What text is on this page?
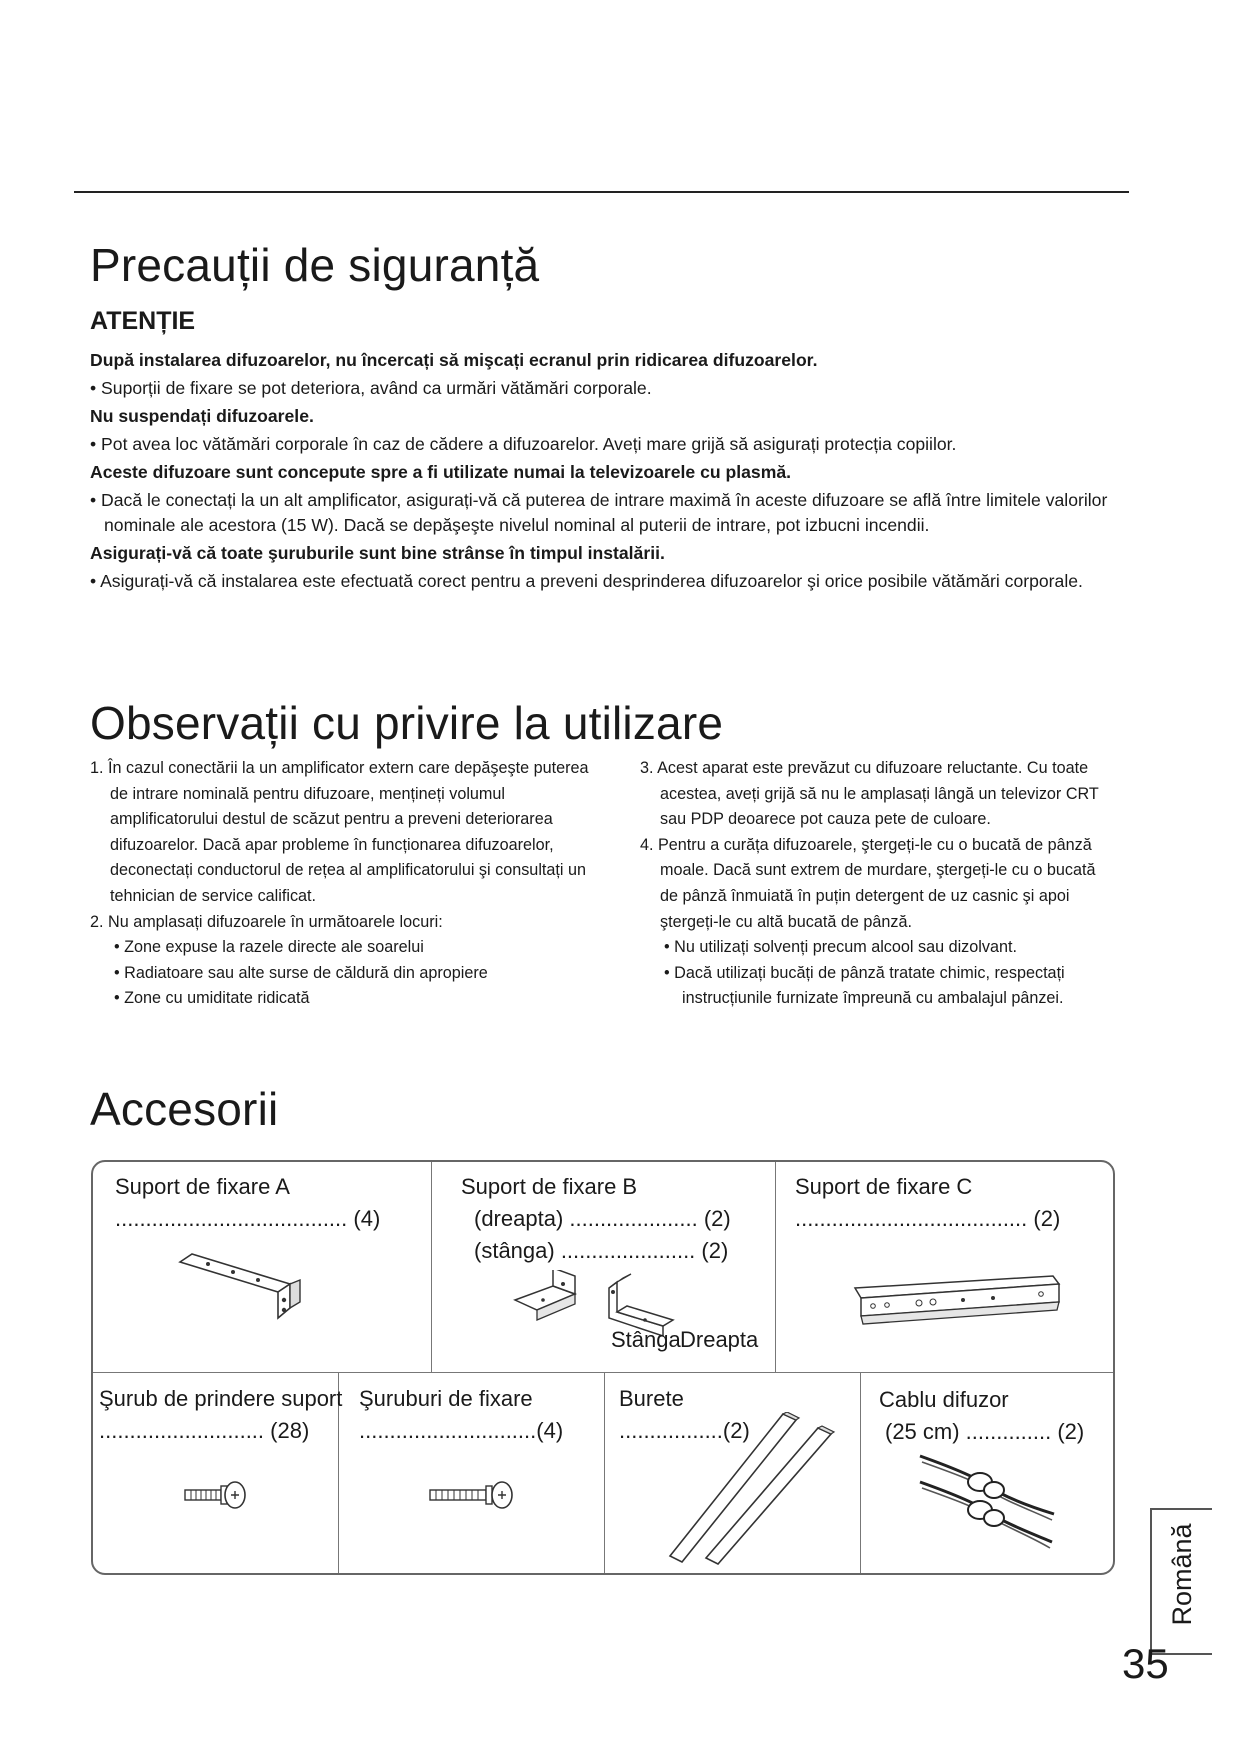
Precauții de siguranță
ATENȚIE

După instalarea difuzoarelor, nu încercați să mişcați ecranul prin ridicarea difuzoarelor.

• Suporții de fixare se pot deteriora, având ca urmări vătămări corporale.

Nu suspendați difuzoarele.

• Pot avea loc vătămări corporale în caz de cădere a difuzoarelor. Aveți mare grijă să asigurați protecția copiilor.

Aceste difuzoare sunt concepute spre a fi utilizate numai la televizoarele cu plasmă.

• Dacă le conectați la un alt amplificator, asigurați-vă că puterea de intrare maximă în aceste difuzoare se află între limitele valorilor nominale ale acestora (15 W). Dacă se depăşeşte nivelul nominal al puterii de intrare, pot izbucni incendii.

Asigurați-vă că toate şuruburile sunt bine strânse în timpul instalării.

• Asigurați-vă că instalarea este efectuată corect pentru a preveni desprinderea difuzoarelor şi orice posibile vătămări corporale.

Observații cu privire la utilizare

1. În cazul conectării la un amplificator extern care depăşeşte puterea de intrare nominală pentru difuzoare, mențineți volumul amplificatorului destul de scăzut pentru a preveni deteriorarea difuzoarelor. Dacă apar probleme în funcționarea difuzoarelor, deconectați conductorul de rețea al amplificatorului şi consultați un tehnician de service calificat.

2. Nu amplasați difuzoarele în următoarele locuri:

• Zone expuse la razele directe ale soarelui

• Radiatoare sau alte surse de căldură din apropiere

• Zone cu umiditate ridicată

3. Acest aparat este prevăzut cu difuzoare reluctante. Cu toate acestea, aveți grijă să nu le amplasați lângă un televizor CRT sau PDP deoarece pot cauza pete de culoare.

4. Pentru a curăța difuzoarele, ştergeți-le cu o bucată de pânză moale. Dacă sunt extrem de murdare, ştergeți-le cu o bucată de pânză înmuiată în puțin detergent de uz casnic şi apoi ştergeți-le cu altă bucată de pânză.

• Nu utilizați solvenți precum alcool sau dizolvant.

• Dacă utilizați bucăți de pânză tratate chimic, respectați instrucțiunile furnizate împreună cu ambalajul pânzei.

Accesorii
Suport de fixare A
...................................... (4)
Suport de fixare B
(dreapta) ..................... (2)
(stânga) ...................... (2)
Stânga Dreapta
Suport de fixare C
...................................... (2)
Şurub de prindere suport
........................... (28)
Şuruburi de fixare
.............................(4)
Burete
.................(2)
Cablu difuzor
(25 cm) .............. (2)
Română
35
